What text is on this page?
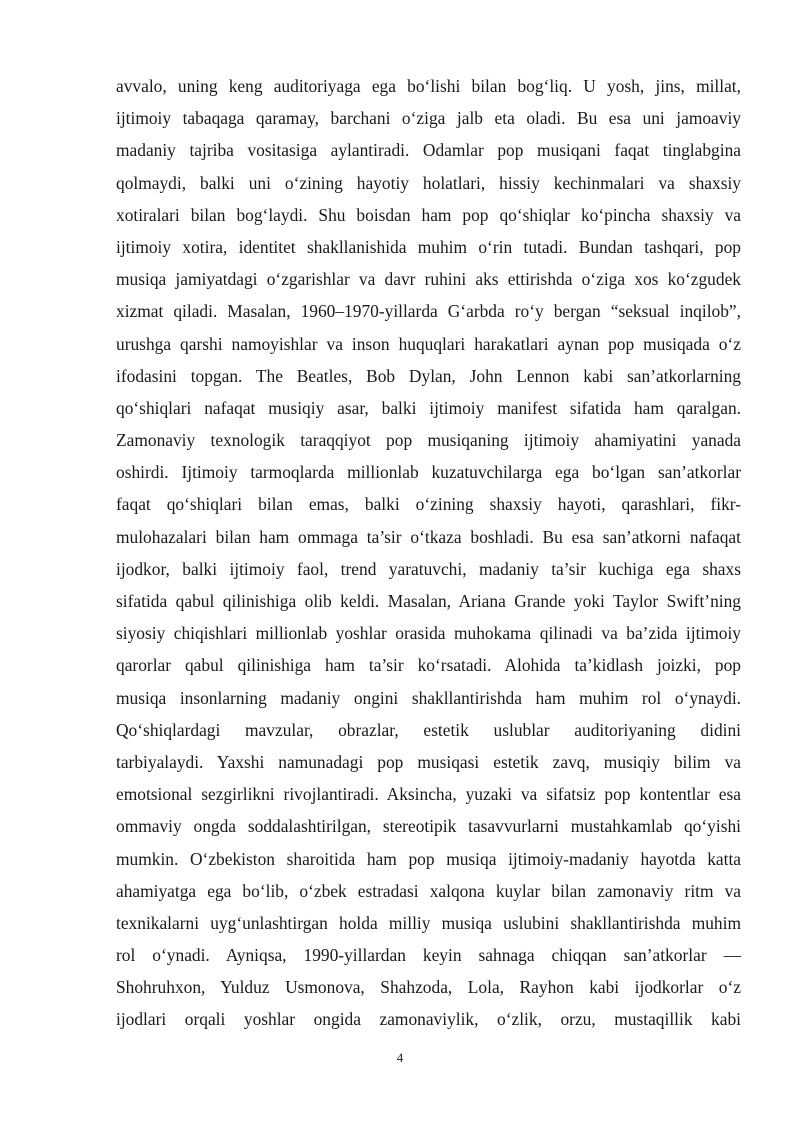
avvalo, uning keng auditoriyaga ega bo‘lishi bilan bog‘liq. U yosh, jins, millat,
ijtimoiy tabaqaga qaramay, barchani o‘ziga jalb eta oladi. Bu esa uni jamoaviy
madaniy tajriba vositasiga aylantiradi. Odamlar pop musiqani faqat tinglabgina
qolmaydi, balki uni o‘zining hayotiy holatlari, hissiy kechinmalari va shaxsiy
xotiralari bilan bog‘laydi. Shu boisdan ham pop qo‘shiqlar ko‘pincha shaxsiy va
ijtimoiy xotira, identitet shakllanishida muhim o‘rin tutadi. Bundan tashqari, pop
musiqa jamiyatdagi o‘zgarishlar va davr ruhini aks ettirishda o‘ziga xos ko‘zgudek
xizmat qiladi. Masalan, 1960–1970-yillarda G‘arbda ro‘y bergan “seksual inqilob”,
urushga qarshi namoyishlar va inson huquqlari harakatlari aynan pop musiqada o‘z
ifodasini topgan. The Beatles, Bob Dylan, John Lennon kabi san’atkorlarning
qo‘shiqlari nafaqat musiqiy asar, balki ijtimoiy manifest sifatida ham qaralgan.
Zamonaviy texnologik taraqqiyot pop musiqaning ijtimoiy ahamiyatini yanada
oshirdi. Ijtimoiy tarmoqlarda millionlab kuzatuvchilarga ega bo‘lgan san’atkorlar
faqat qo‘shiqlari bilan emas, balki o‘zining shaxsiy hayoti, qarashlari, fikr-
mulohazalari bilan ham ommaga ta’sir o‘tkaza boshladi. Bu esa san’atkorni nafaqat
ijodkor, balki ijtimoiy faol, trend yaratuvchi, madaniy ta’sir kuchiga ega shaxs
sifatida qabul qilinishiga olib keldi. Masalan, Ariana Grande yoki Taylor Swift’ning
siyosiy chiqishlari millionlab yoshlar orasida muhokama qilinadi va ba’zida ijtimoiy
qarorlar qabul qilinishiga ham ta’sir ko‘rsatadi. Alohida ta’kidlash joizki, pop
musiqa insonlarning madaniy ongini shakllantirishda ham muhim rol o‘ynaydi.
Qo‘shiqlardagi mavzular, obrazlar, estetik uslublar auditoriyaning didini
tarbiyalaydi. Yaxshi namunadagi pop musiqasi estetik zavq, musiqiy bilim va
emotsional sezgirlikni rivojlantiradi. Aksincha, yuzaki va sifatsiz pop kontentlar esa
ommaviy ongda soddalashtirilgan, stereotipik tasavvurlarni mustahkamlab qo‘yishi
mumkin. O‘zbekiston sharoitida ham pop musiqa ijtimoiy-madaniy hayotda katta
ahamiyatga ega bo‘lib, o‘zbek estradasi xalqona kuylar bilan zamonaviy ritm va
texnikalarni uyg‘unlashtirgan holda milliy musiqa uslubini shakllantirishda muhim
rol o‘ynadi. Ayniqsa, 1990-yillardan keyin sahnaga chiqqan san’atkorlar —
Shohruhxon, Yulduz Usmonova, Shahzoda, Lola, Rayhon kabi ijodkorlar o‘z
ijodlari orqali yoshlar ongida zamonaviylik, o‘zlik, orzu, mustaqillik kabi
4
